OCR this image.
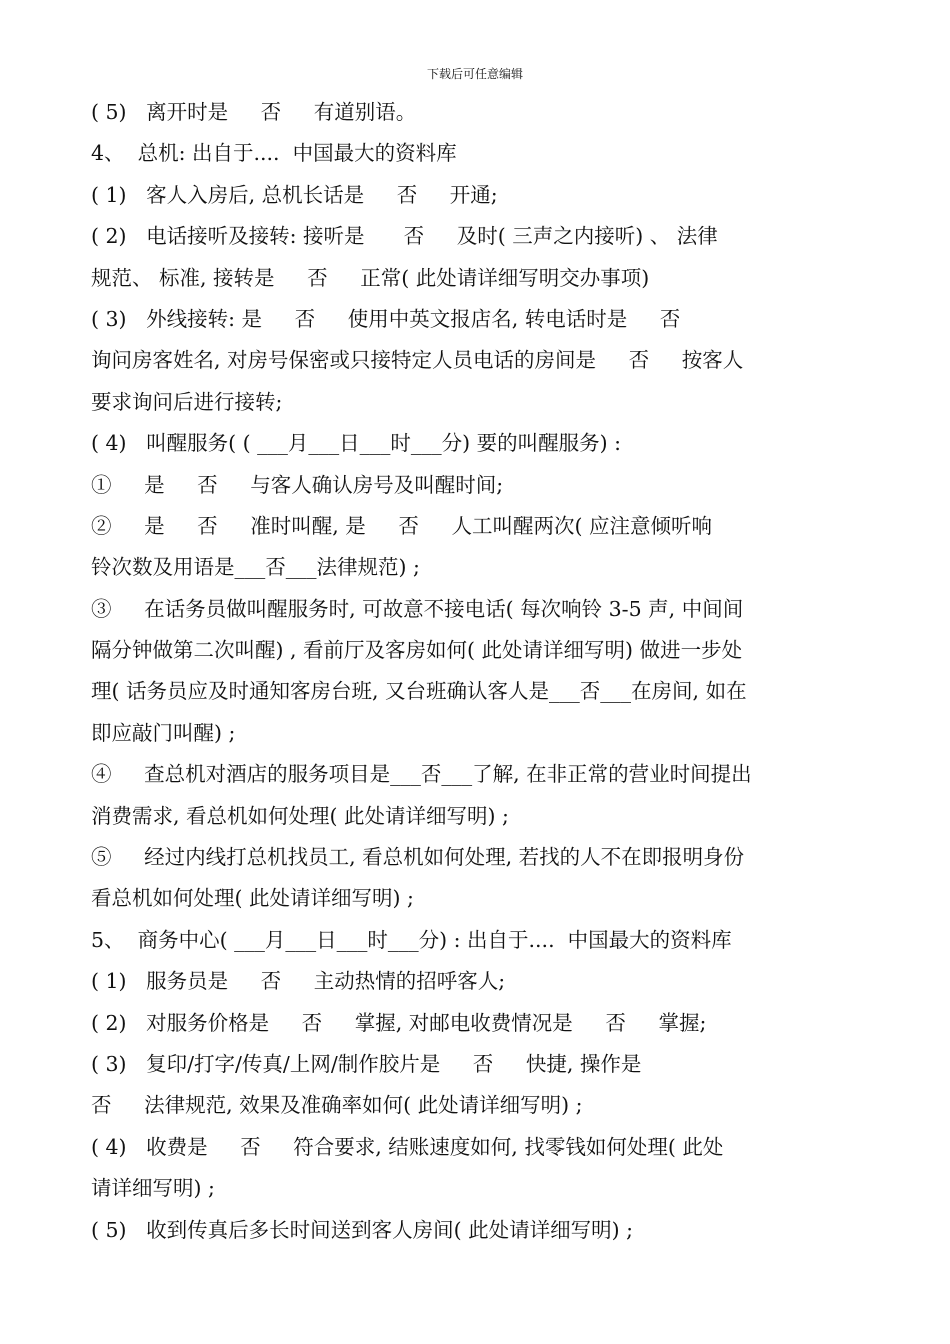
下载后可任意编辑
( 5)   离开时是     否     有道别语。
4、  总机: 出自于....  中国最大的资料库
( 1)   客人入房后, 总机长话是     否     开通;
( 2)   电话接听及接转: 接听是      否     及时( 三声之内接听) 、 法律
规范、 标准, 接转是     否     正常( 此处请详细写明交办事项)
( 3)   外线接转: 是     否     使用中英文报店名, 转电话时是     否
询问房客姓名, 对房号保密或只接特定人员电话的房间是     否     按客人
要求询问后进行接转;
( 4)   叫醒服务( ( ___月___日___时___分) 要的叫醒服务) :
①     是     否     与客人确认房号及叫醒时间;
②     是     否     准时叫醒, 是     否     人工叫醒两次( 应注意倾听响
铃次数及用语是___否___法律规范) ;
③     在话务员做叫醒服务时, 可故意不接电话( 每次响铃 3-5 声, 中间间
隔分钟做第二次叫醒) , 看前厅及客房如何( 此处请详细写明) 做进一步处
理( 话务员应及时通知客房台班, 又台班确认客人是___否___在房间, 如在
即应敲门叫醒) ;
④     查总机对酒店的服务项目是___否___了解, 在非正常的营业时间提出
消费需求, 看总机如何处理( 此处请详细写明) ;
⑤     经过内线打总机找员工, 看总机如何处理, 若找的人不在即报明身份
看总机如何处理( 此处请详细写明) ;
5、  商务中心( ___月___日___时___分) : 出自于....  中国最大的资料库
( 1)   服务员是     否     主动热情的招呼客人;
( 2)   对服务价格是     否     掌握, 对邮电收费情况是     否     掌握;
( 3)   复印/打字/传真/上网/制作胶片是     否     快捷, 操作是
否     法律规范, 效果及准确率如何( 此处请详细写明) ;
( 4)   收费是     否     符合要求, 结账速度如何, 找零钱如何处理( 此处
请详细写明) ;
( 5)   收到传真后多长时间送到客人房间( 此处请详细写明) ;
